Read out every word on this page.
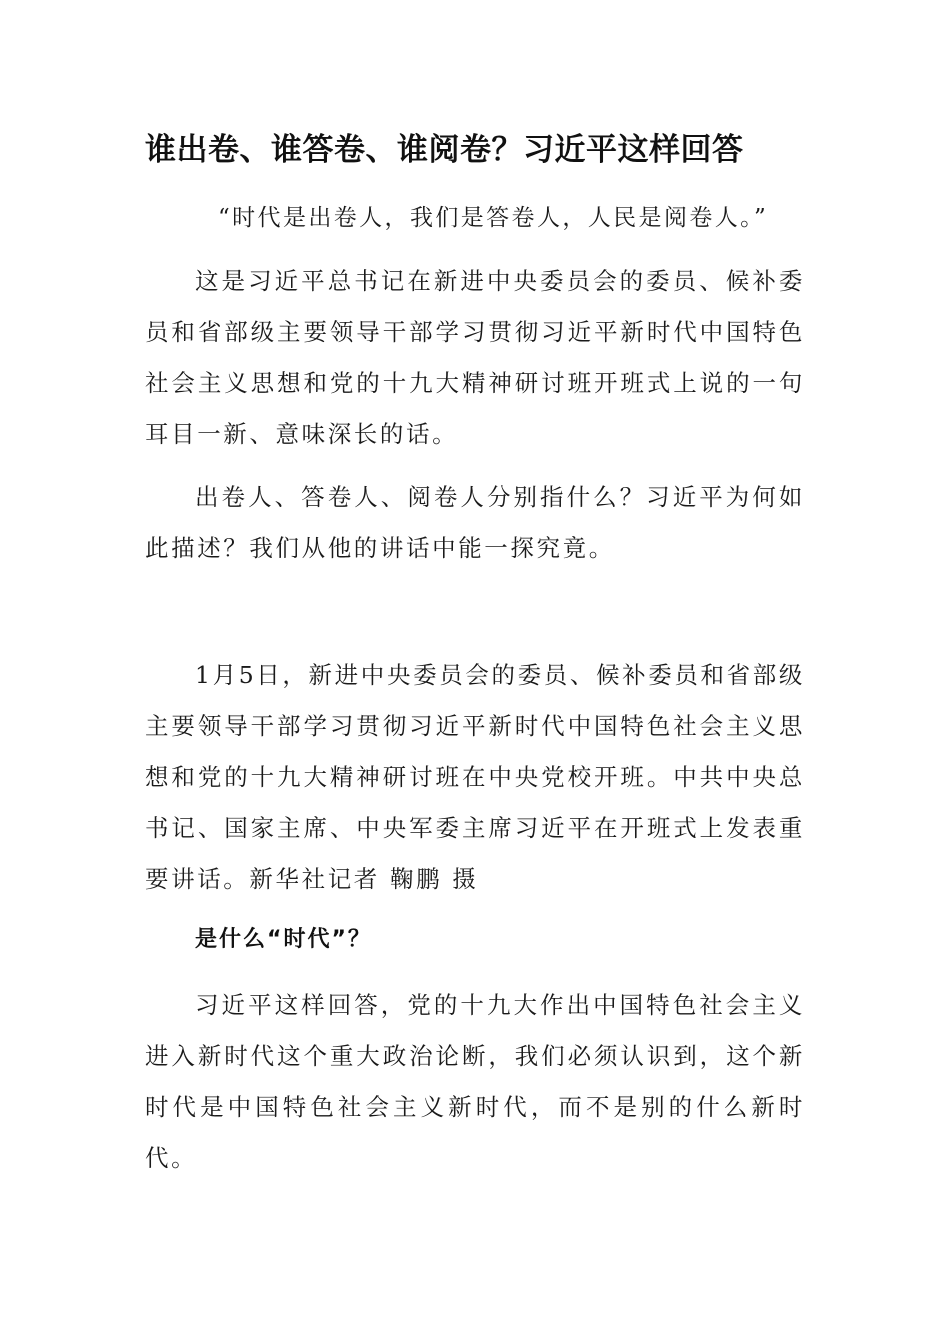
谁出卷、谁答卷、谁阅卷？习近平这样回答

“时代是出卷人，我们是答卷人，人民是阅卷人。”

这是习近平总书记在新进中央委员会的委员、候补委员和省部级主要领导干部学习贯彻习近平新时代中国特色社会主义思想和党的十九大精神研讨班开班式上说的一句耳目一新、意味深长的话。

出卷人、答卷人、阅卷人分别指什么？习近平为何如此描述？我们从他的讲话中能一探究竟。

1月5日，新进中央委员会的委员、候补委员和省部级主要领导干部学习贯彻习近平新时代中国特色社会主义思想和党的十九大精神研讨班在中央党校开班。中共中央总书记、国家主席、中央军委主席习近平在开班式上发表重要讲话。新华社记者 鞠鹏 摄

是什么“时代”？

习近平这样回答，党的十九大作出中国特色社会主义进入新时代这个重大政治论断，我们必须认识到，这个新时代是中国特色社会主义新时代，而不是别的什么新时代。
